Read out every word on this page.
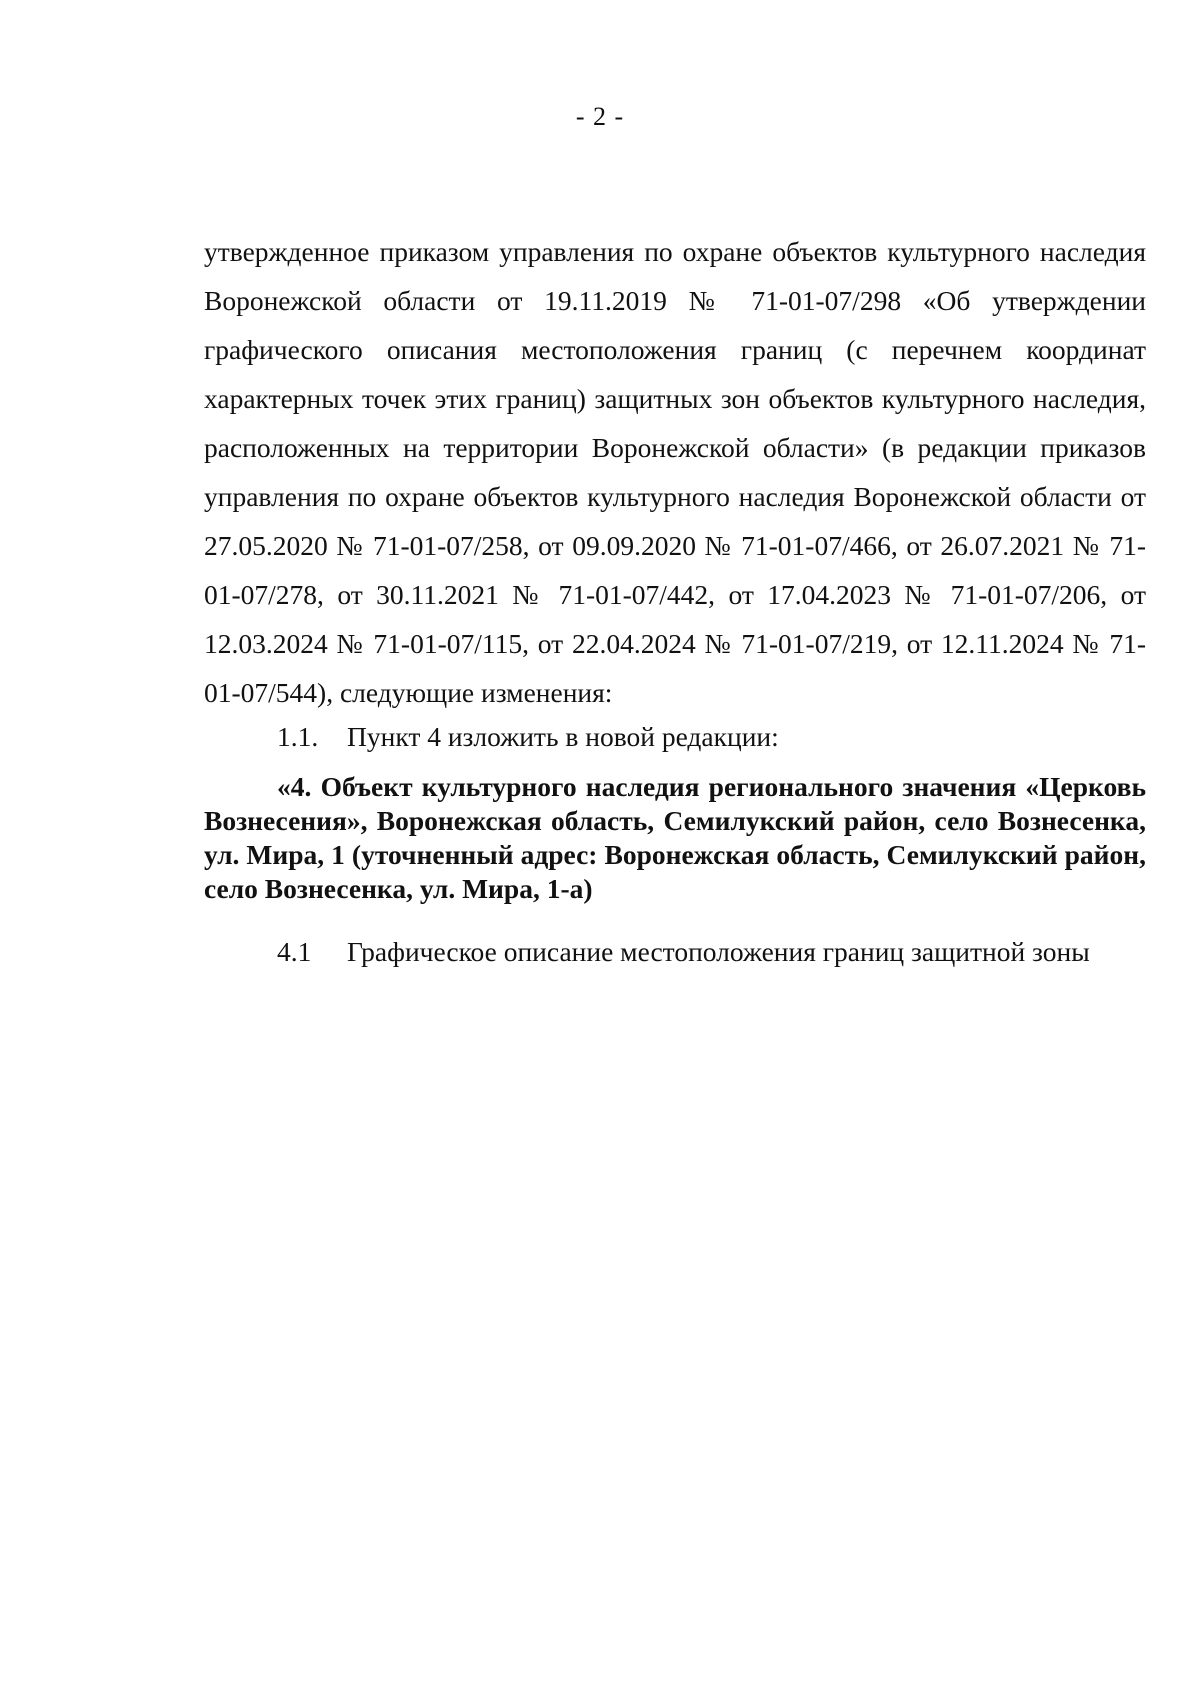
- 2 -
утвержденное приказом управления по охране объектов культурного наследия Воронежской области от 19.11.2019 № 71-01-07/298 «Об утверждении графического описания местоположения границ (с перечнем координат характерных точек этих границ) защитных зон объектов культурного наследия, расположенных на территории Воронежской области» (в редакции приказов управления по охране объектов культурного наследия Воронежской области от 27.05.2020 № 71-01-07/258, от 09.09.2020 № 71-01-07/466, от 26.07.2021 № 71-01-07/278, от 30.11.2021 № 71-01-07/442, от 17.04.2023 № 71-01-07/206, от 12.03.2024 № 71-01-07/115, от 22.04.2024 № 71-01-07/219, от 12.11.2024 № 71-01-07/544), следующие изменения:
1.1. Пункт 4 изложить в новой редакции:
«4. Объект культурного наследия регионального значения «Церковь Вознесения», Воронежская область, Семилукский район, село Вознесенка, ул. Мира, 1 (уточненный адрес: Воронежская область, Семилукский район, село Вознесенка, ул. Мира, 1-а)
4.1 Графическое описание местоположения границ защитной зоны
